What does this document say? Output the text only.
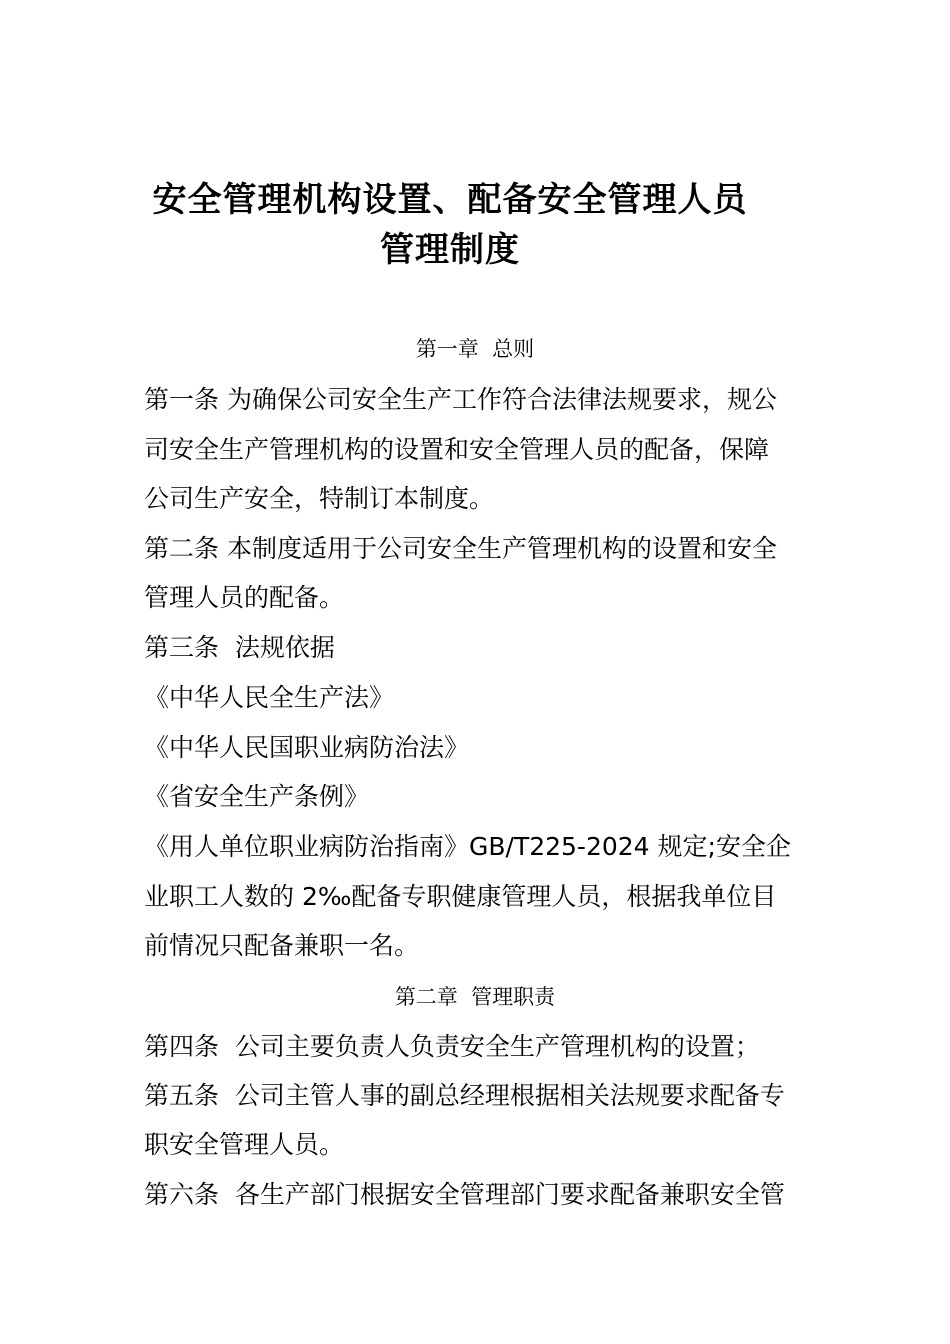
安全管理机构设置、配备安全管理人员
管理制度
第一章  总则
第一条 为确保公司安全生产工作符合法律法规要求，规公
司安全生产管理机构的设置和安全管理人员的配备，保障
公司生产安全，特制订本制度。
第二条 本制度适用于公司安全生产管理机构的设置和安全
管理人员的配备。
第三条  法规依据
《中华人民全生产法》
《中华人民国职业病防治法》
《省安全生产条例》
《用人单位职业病防治指南》GB/T225-2024 规定;安全企
业职工人数的 2‰配备专职健康管理人员，根据我单位目
前情况只配备兼职一名。
第二章  管理职责
第四条  公司主要负责人负责安全生产管理机构的设置；
第五条  公司主管人事的副总经理根据相关法规要求配备专
职安全管理人员。
第六条  各生产部门根据安全管理部门要求配备兼职安全管
